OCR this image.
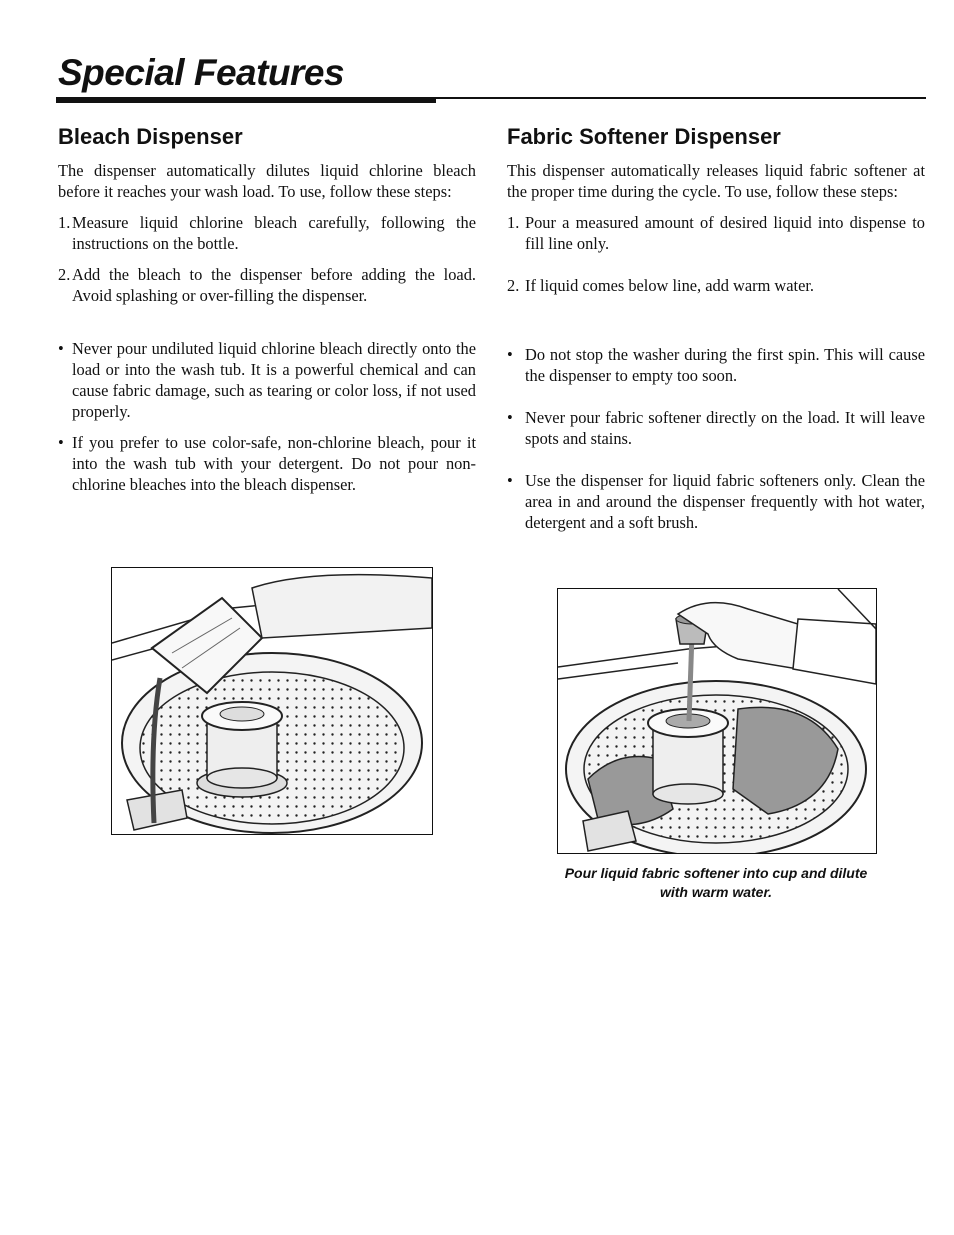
Special Features
Bleach Dispenser

The dispenser automatically dilutes liquid chlorine bleach before it reaches your wash load. To use, follow these steps:

1. Measure liquid chlorine bleach carefully, following the instructions on the bottle.
2. Add the bleach to the dispenser before adding the load. Avoid splashing or over-filling the dispenser.
• Never pour undiluted liquid chlorine bleach directly onto the load or into the wash tub. It is a powerful chemical and can cause fabric damage, such as tearing or color loss, if not used properly.
• If you prefer to use color-safe, non-chlorine bleach, pour it into the wash tub with your detergent. Do not pour non-chlorine bleaches into the bleach dispenser.
Fabric Softener Dispenser

This dispenser automatically releases liquid fabric softener at the proper time during the cycle. To use, follow these steps:

1. Pour a measured amount of desired liquid into dispense to fill line only.
2. If liquid comes below line, add warm water.
• Do not stop the washer during the first spin. This will cause the dispenser to empty too soon.
• Never pour fabric softener directly on the load. It will leave spots and stains.
• Use the dispenser for liquid fabric softeners only. Clean the area in and around the dispenser frequently with hot water, detergent and a soft brush.
Pour liquid fabric softener into cup and dilute with warm water.
